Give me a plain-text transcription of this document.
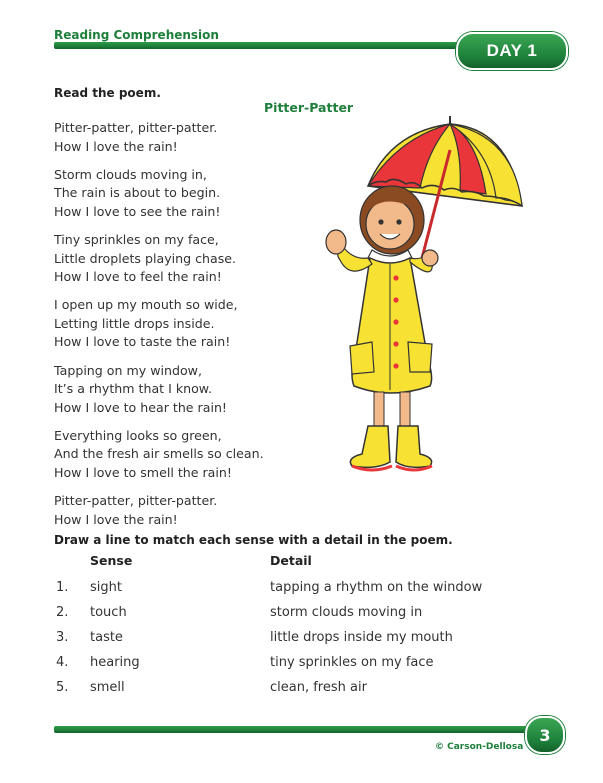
Reading Comprehension
DAY 1
Read the poem.
Pitter-Patter
Pitter-patter, pitter-patter.
How I love the rain!
Storm clouds moving in,
The rain is about to begin.
How I love to see the rain!
Tiny sprinkles on my face,
Little droplets playing chase.
How I love to feel the rain!
I open up my mouth so wide,
Letting little drops inside.
How I love to taste the rain!
Tapping on my window,
It’s a rhythm that I know.
How I love to hear the rain!
Everything looks so green,
And the fresh air smells so clean.
How I love to smell the rain!
Pitter-patter, pitter-patter.
How I love the rain!
Draw a line to match each sense with a detail in the poem.
Sense	Detail
1. sight	tapping a rhythm on the window
2. touch	storm clouds moving in
3. taste	little drops inside my mouth
4. hearing	tiny sprinkles on my face
5. smell	clean, fresh air
3
© Carson-Dellosa
